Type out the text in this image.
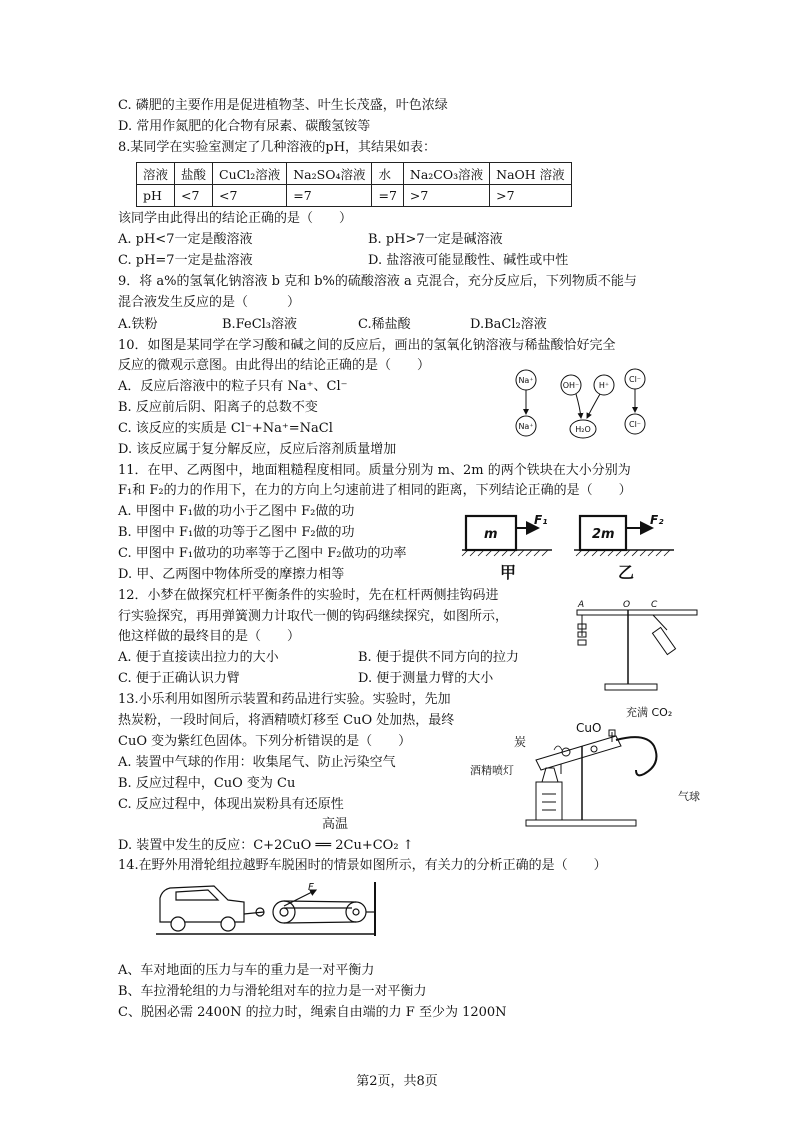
C. 磷肥的主要作用是促进植物茎、叶生长茂盛，叶色浓绿
D. 常用作氮肥的化合物有尿素、碳酸氢铵等
8.某同学在实验室测定了几种溶液的pH，其结果如表：
溶液	盐酸	CuCl₂溶液	Na₂SO₄溶液	水	Na₂CO₃溶液	NaOH 溶液
pH	<7	<7	=7	=7	>7	>7
该同学由此得出的结论正确的是（　　）
A. pH<7一定是酸溶液	B. pH>7一定是碱溶液
C. pH=7一定是盐溶液	D. 盐溶液可能显酸性、碱性或中性
9．将 a%的氢氧化钠溶液 b 克和 b%的硫酸溶液 a 克混合，充分反应后，下列物质不能与
混合液发生反应的是（　　　）
A.铁粉	B.FeCl₃溶液	C.稀盐酸	D.BaCl₂溶液
10．如图是某同学在学习酸和碱之间的反应后，画出的氢氧化钠溶液与稀盐酸恰好完全
反应的微观示意图。由此得出的结论正确的是（　　）
A．反应后溶液中的粒子只有 Na⁺、Cl⁻
B. 反应前后阴、阳离子的总数不变
C. 该反应的实质是 Cl⁻+Na⁺=NaCl
D. 该反应属于复分解反应，反应后溶剂质量增加
Na⁺
OH⁻ H⁺
Cl⁻
Na⁺	H₂O
Cl⁻
11．在甲、乙两图中，地面粗糙程度相同。质量分别为 m、2m 的两个铁块在大小分别为
F₁和 F₂的力的作用下，在力的方向上匀速前进了相同的距离，下列结论正确的是（　　）
A. 甲图中 F₁做的功小于乙图中 F₂做的功
B. 甲图中 F₁做的功等于乙图中 F₂做的功
C. 甲图中 F₁做功的功率等于乙图中 F₂做功的功率
D. 甲、乙两图中物体所受的摩擦力相等
m	2m
F₁	F₂
甲	乙
12．小梦在做探究杠杆平衡条件的实验时，先在杠杆两侧挂钩码进
行实验探究，再用弹簧测力计取代一侧的钩码继续探究，如图所示，
他这样做的最终目的是（　　）
A. 便于直接读出拉力的大小	B. 便于提供不同方向的拉力
C. 便于正确认识力臂	D. 便于测量力臂的大小
A	O C
13.小乐利用如图所示装置和药品进行实验。实验时，先加
热炭粉，一段时间后，将酒精喷灯移至 CuO 处加热，最终
CuO 变为紫红色固体。下列分析错误的是（　　）
A. 装置中气球的作用：收集尾气、防止污染空气
B. 反应过程中，CuO 变为 Cu
C. 反应过程中，体现出炭粉具有还原性
高温
D. 装置中发生的反应：C+2CuO ══ 2Cu+CO₂ ↑
CuO
充满 CO₂
炭
酒精喷灯
气球
14.在野外用滑轮组拉越野车脱困时的情景如图所示，有关力的分析正确的是（　　）
F
A、车对地面的压力与车的重力是一对平衡力
B、车拉滑轮组的力与滑轮组对车的拉力是一对平衡力
C、脱困必需 2400N 的拉力时，绳索自由端的力 F 至少为 1200N
第2页，共8页
